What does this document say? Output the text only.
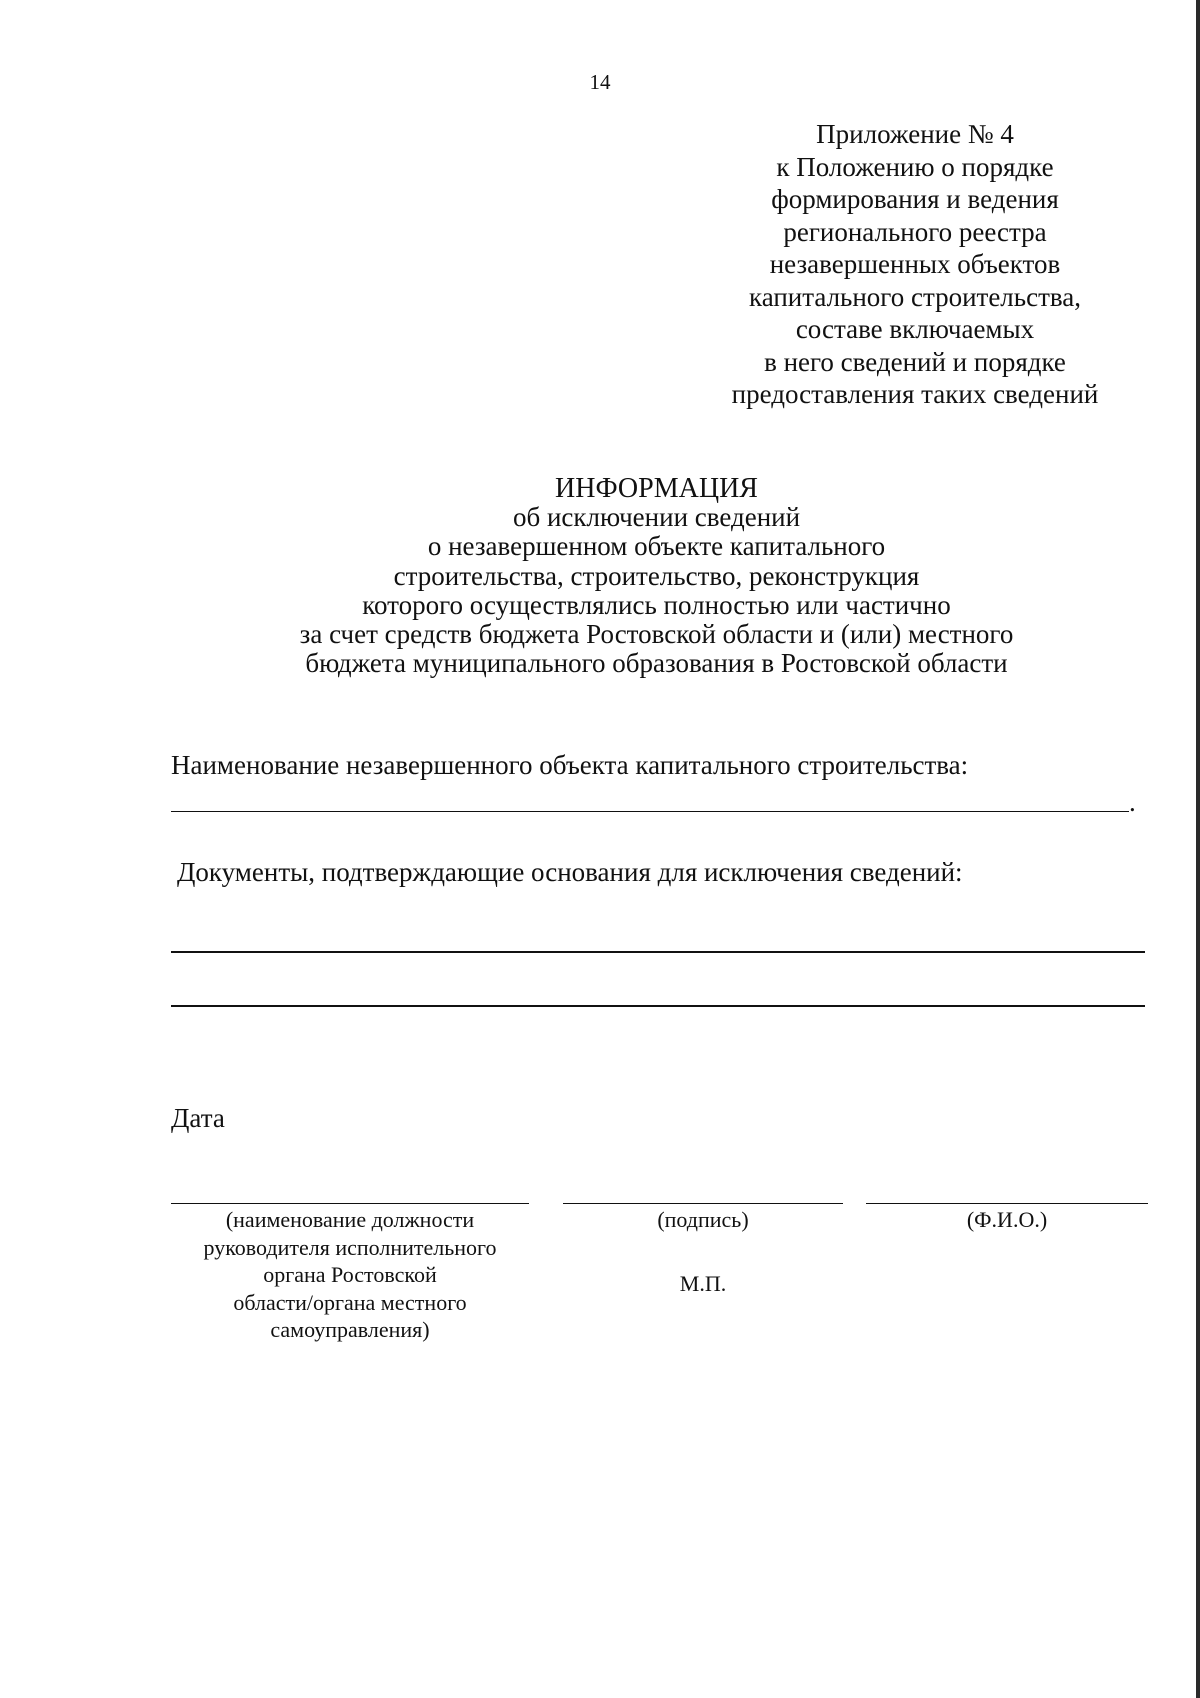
14
Приложение № 4
к Положению о порядке
формирования и ведения
регионального реестра
незавершенных объектов
капитального строительства,
составе включаемых
в него сведений и порядке
предоставления таких сведений
ИНФОРМАЦИЯ
об исключении сведений
о незавершенном объекте капитального
строительства, строительство, реконструкция
которого осуществлялись полностью или частично
за счет средств бюджета Ростовской области и (или) местного
бюджета муниципального образования в Ростовской области
Наименование незавершенного объекта капитального строительства:
.
Документы, подтверждающие основания для исключения сведений:
Дата
(наименование должности
руководителя исполнительного
органа Ростовской
области/органа местного
самоуправления)
(подпись)
М.П.
(Ф.И.О.)
